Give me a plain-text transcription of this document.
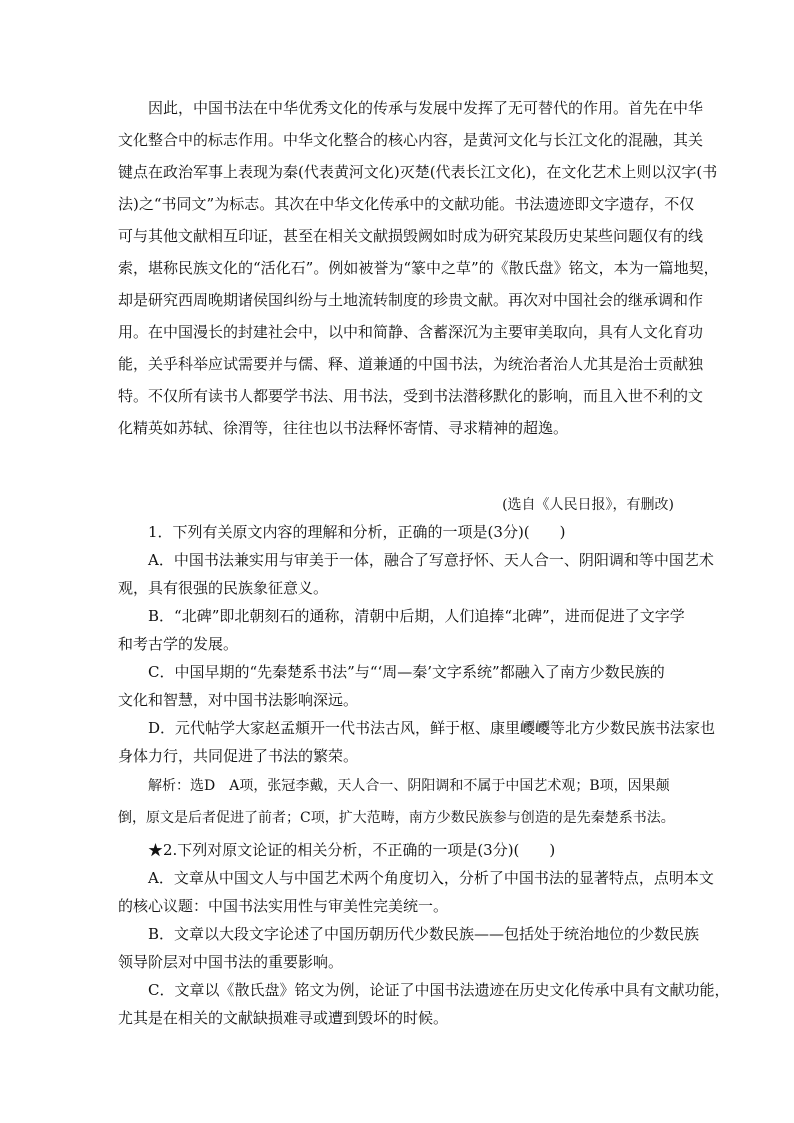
因此，中国书法在中华优秀文化的传承与发展中发挥了无可替代的作用。首先在中华
文化整合中的标志作用。中华文化整合的核心内容，是黄河文化与长江文化的混融，其关
键点在政治军事上表现为秦(代表黄河文化)灭楚(代表长江文化)，在文化艺术上则以汉字(书
法)之“书同文”为标志。其次在中华文化传承中的文献功能。书法遗迹即文字遗存，不仅
可与其他文献相互印证，甚至在相关文献损毁阙如时成为研究某段历史某些问题仅有的线
索，堪称民族文化的“活化石”。例如被誉为“篆中之草”的《散氏盘》铭文，本为一篇地契，
却是研究西周晚期诸侯国纠纷与土地流转制度的珍贵文献。再次对中国社会的继承调和作
用。在中国漫长的封建社会中，以中和简静、含蓄深沉为主要审美取向，具有人文化育功
能，关乎科举应试需要并与儒、释、道兼通的中国书法，为统治者治人尤其是治士贡献独
特。不仅所有读书人都要学书法、用书法，受到书法潜移默化的影响，而且入世不利的文
化精英如苏轼、徐渭等，往往也以书法释怀寄情、寻求精神的超逸。

(选自《人民日报》，有删改)

1．下列有关原文内容的理解和分析，正确的一项是(3分)(　　)
A．中国书法兼实用与审美于一体，融合了写意抒怀、天人合一、阴阳调和等中国艺术
观，具有很强的民族象征意义。
B．“北碑”即北朝刻石的通称，清朝中后期，人们追捧“北碑”，进而促进了文字学
和考古学的发展。
C．中国早期的“先秦楚系书法”与“‘周—秦’文字系统”都融入了南方少数民族的
文化和智慧，对中国书法影响深远。
D．元代帖学大家赵孟頫开一代书法古风，鲜于枢、康里巎巎等北方少数民族书法家也
身体力行，共同促进了书法的繁荣。
解析：选D　A项，张冠李戴，天人合一、阴阳调和不属于中国艺术观；B项，因果颠
倒，原文是后者促进了前者；C项，扩大范畴，南方少数民族参与创造的是先秦楚系书法。
★2.下列对原文论证的相关分析，不正确的一项是(3分)(　　)
A．文章从中国文人与中国艺术两个角度切入，分析了中国书法的显著特点，点明本文
的核心议题：中国书法实用性与审美性完美统一。
B．文章以大段文字论述了中国历朝历代少数民族——包括处于统治地位的少数民族
领导阶层对中国书法的重要影响。
C．文章以《散氏盘》铭文为例，论证了中国书法遗迹在历史文化传承中具有文献功能，
尤其是在相关的文献缺损难寻或遭到毁坏的时候。
